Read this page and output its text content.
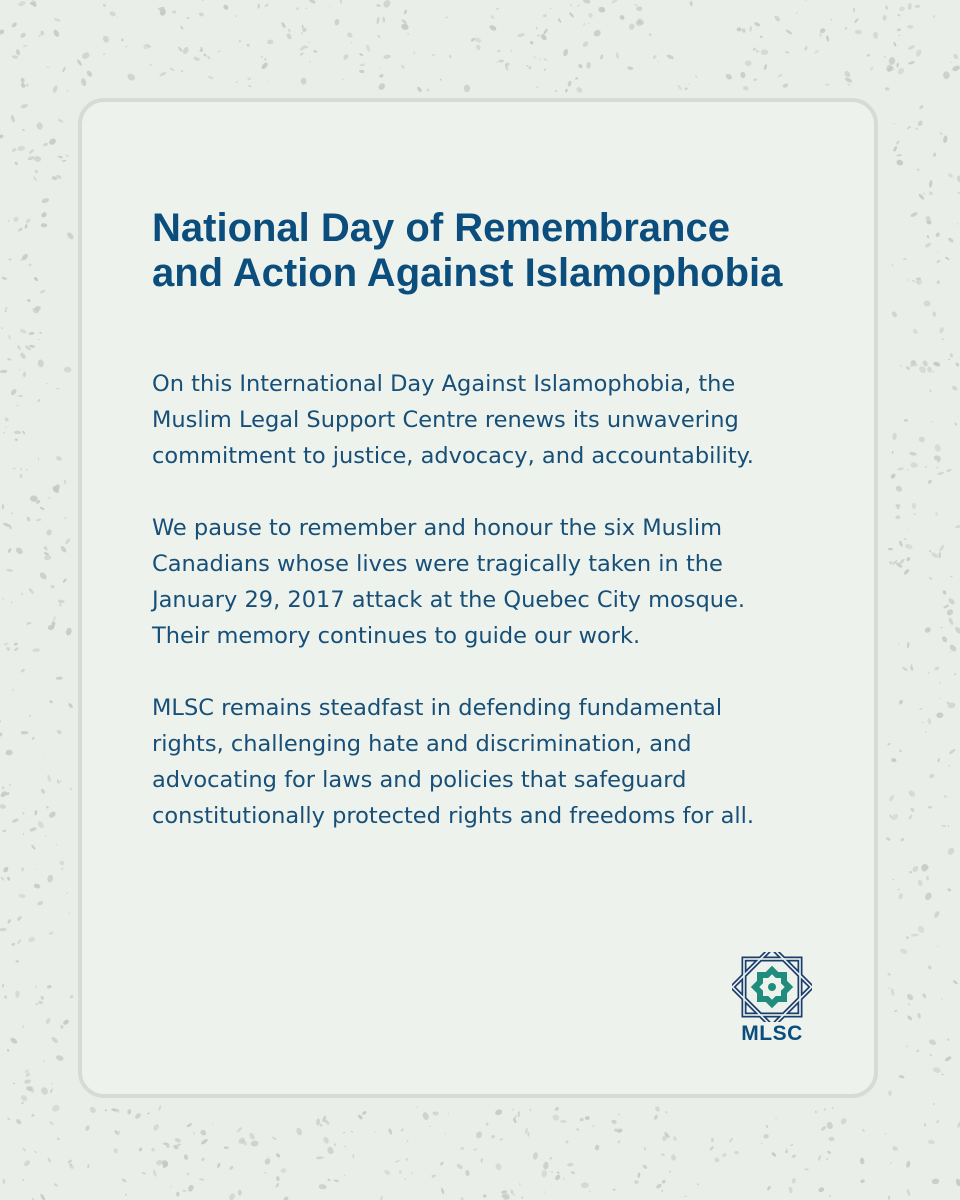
National Day of Remembrance and Action Against Islamophobia

On this International Day Against Islamophobia, the Muslim Legal Support Centre renews its unwavering commitment to justice, advocacy, and accountability.

We pause to remember and honour the six Muslim Canadians whose lives were tragically taken in the January 29, 2017 attack at the Quebec City mosque. Their memory continues to guide our work.

MLSC remains steadfast in defending fundamental rights, challenging hate and discrimination, and advocating for laws and policies that safeguard constitutionally protected rights and freedoms for all.

MLSC
